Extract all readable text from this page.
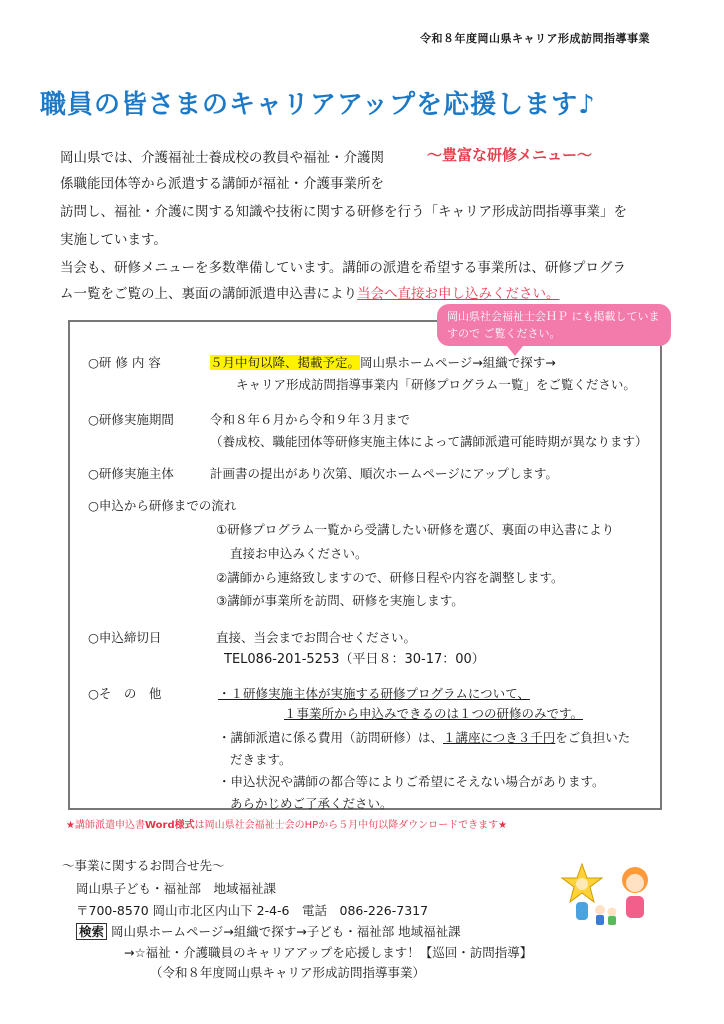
令和８年度岡山県キャリア形成訪問指導事業
職員の皆さまのキャリアアップを応援します♪
岡山県では、介護福祉士養成校の教員や福祉・介護関	～豊富な研修メニュー～
係職能団体等から派遣する講師が福祉・介護事業所を
訪問し、福祉・介護に関する知識や技術に関する研修を行う「キャリア形成訪問指導事業」を
実施しています。
当会も、研修メニューを多数準備しています。講師の派遣を希望する事業所は、研修プログラ
ム一覧をご覧の上、裏面の講師派遣申込書により当会へ直接お申し込みください。
岡山県社会福祉士会ＨＰ にも掲載していますので ご覧ください。
○研 修 内 容	５月中旬以降、掲載予定。岡山県ホームページ→組織で探す→
キャリア形成訪問指導事業内「研修プログラム一覧」をご覧ください。
○研修実施期間	令和８年６月から令和９年３月まで
（養成校、職能団体等研修実施主体によって講師派遣可能時期が異なります）
○研修実施主体	計画書の提出があり次第、順次ホームページにアップします。
○申込から研修までの流れ
①研修プログラム一覧から受講したい研修を選び、裏面の申込書により
直接お申込みください。
②講師から連絡致しますので、研修日程や内容を調整します。
③講師が事業所を訪問、研修を実施します。
○申込締切日	直接、当会までお問合せください。
TEL086-201-5253（平日８：30-17：00）
○そ　の　他	・１研修実施主体が実施する研修プログラムについて、
１事業所から申込みできるのは１つの研修のみです。
・講師派遣に係る費用（訪問研修）は、１講座につき３千円をご負担いた
だきます。
・申込状況や講師の都合等によりご希望にそえない場合があります。
あらかじめご了承ください。
★講師派遣申込書Word様式は岡山県社会福祉士会のHPから５月中旬以降ダウンロードできます★
～事業に関するお問合せ先～
岡山県子ども・福祉部　地域福祉課
〒700-8570 岡山市北区内山下 2-4-6　電話　086-226-7317
検索 岡山県ホームページ→組織で探す→子ども・福祉部 地域福祉課
→☆福祉・介護職員のキャリアアップを応援します！【巡回・訪問指導】
（令和８年度岡山県キャリア形成訪問指導事業）
